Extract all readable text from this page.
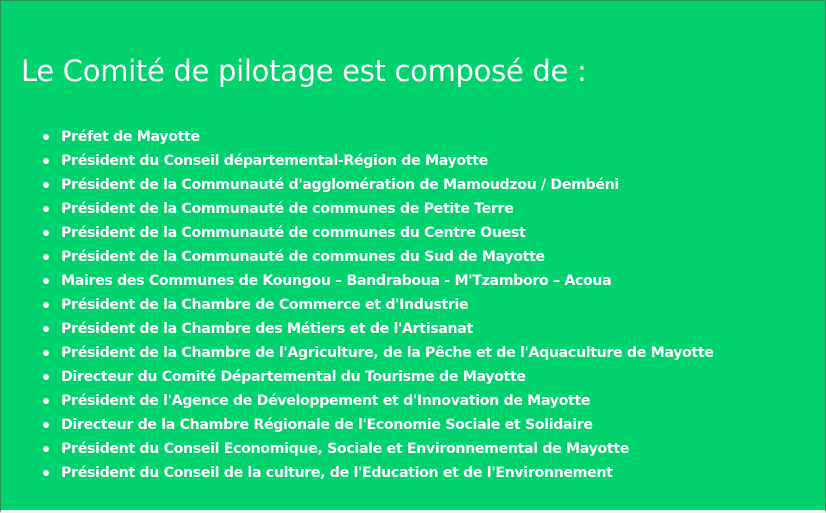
Le Comité de pilotage est composé de :
Préfet de Mayotte
Président du Conseil départemental-Région de Mayotte
Président de la Communauté d'agglomération de Mamoudzou / Dembéni
Président de la Communauté de communes de Petite Terre
Président de la Communauté de communes du Centre Ouest
Président de la Communauté de communes du Sud de Mayotte
Maires des Communes de Koungou – Bandraboua - M'Tzamboro – Acoua
Président de la Chambre de Commerce et d'Industrie
Président de la Chambre des Métiers et de l'Artisanat
Président de la Chambre de l'Agriculture, de la Pêche et de l'Aquaculture de Mayotte
Directeur du Comité Départemental du Tourisme de Mayotte
Président de l'Agence de Développement et d'Innovation de Mayotte
Directeur de la Chambre Régionale de l'Economie Sociale et Solidaire
Président du Conseil Economique, Sociale et Environnemental de Mayotte
Président du Conseil de la culture, de l'Education et de l'Environnement
